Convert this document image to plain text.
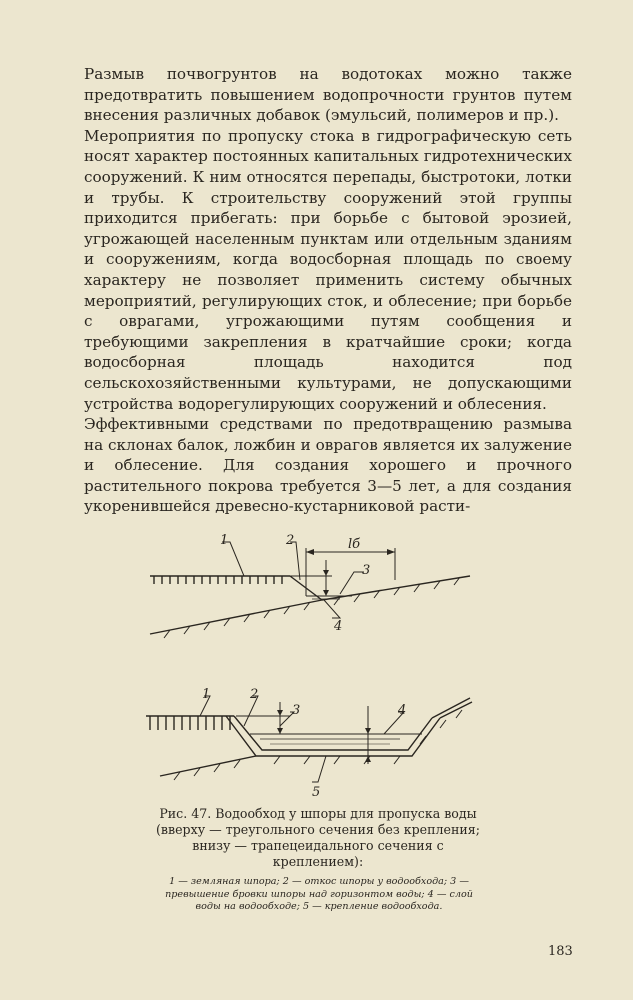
Размыв почвогрунтов на водотоках можно также предотвратить повышением водопрочности грунтов путем внесения различных добавок (эмульсий, полимеров и пр.).

Мероприятия по пропуску стока в гидрографическую сеть носят характер постоянных капитальных гидротехнических сооружений. К ним относятся перепады, быстротоки, лотки и трубы. К строительству сооружений этой группы приходится прибегать: при борьбе с бытовой эрозией, угрожающей населенным пунктам или отдельным зданиям и сооружениям, когда водосборная площадь по своему характеру не позволяет применить систему обычных мероприятий, регулирующих сток, и облесение; при борьбе с оврагами, угрожающими путям сообщения и требующими закрепления в кратчайшие сроки; когда водосборная площадь находится под сельскохозяйственными культурами, не допускающими устройства водорегулирующих сооружений и облесения.

Эффективными средствами по предотвращению размыва на склонах балок, ложбин и оврагов является их залужение и облесение. Для создания хорошего и прочного растительного покрова требуется 3—5 лет, а для создания укоренившейся древесно-кустарниковой расти-

1	2
3
4
lб
1	2
3	4
5
Рис. 47. Водообход у шпоры для пропуска воды (вверху — треугольного сечения без крепления; внизу — трапецеидального сечения с креплением):
1 — земляная шпора; 2 — откос шпоры у водообхода; 3 — превышение бровки шпоры над горизонтом воды; 4 — слой воды на водообходе; 5 — крепление водообхода.
183
